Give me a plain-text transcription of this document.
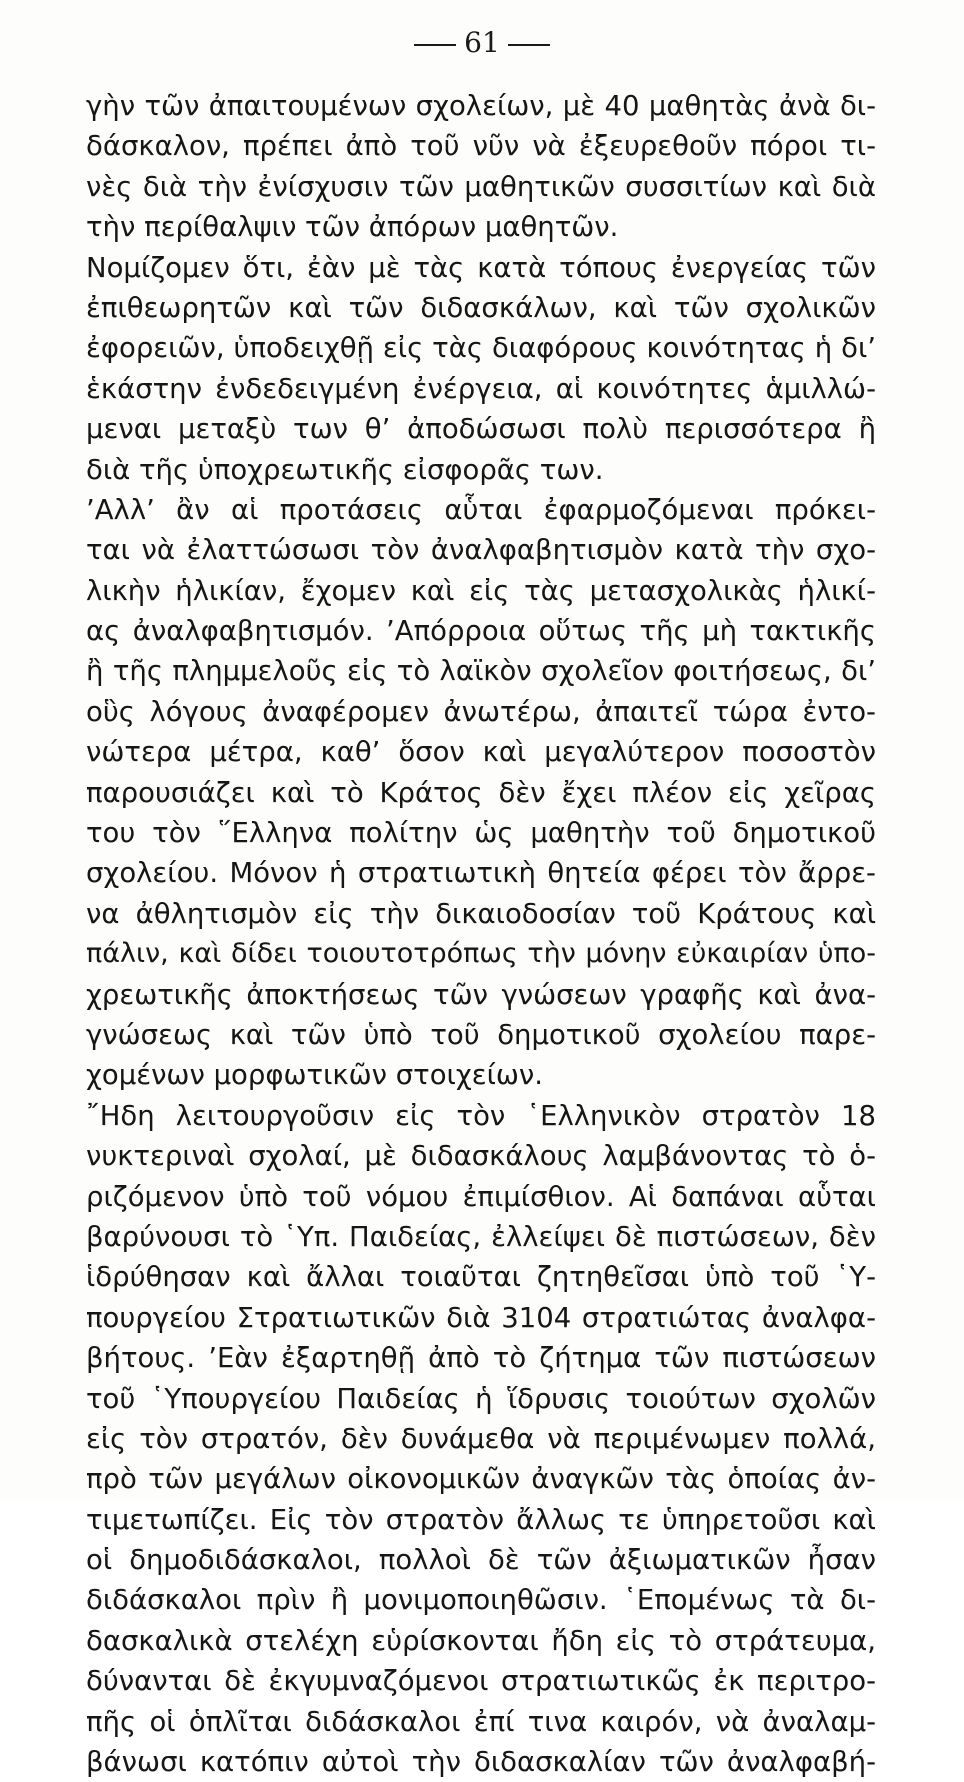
61
γὴν τῶν ἀπαιτουμένων σχολείων, μὲ 40 μαθητὰς ἀνὰ δι-
δάσκαλον, πρέπει ἀπὸ τοῦ νῦν νὰ ἐξευρεθοῦν πόροι τι-
νὲς διὰ τὴν ἐνίσχυσιν τῶν μαθητικῶν συσσιτίων καὶ διὰ
τὴν περίθαλψιν τῶν ἀπόρων μαθητῶν.
Νομίζομεν ὅτι, ἐὰν μὲ τὰς κατὰ τόπους ἐνεργείας τῶν
ἐπιθεωρητῶν καὶ τῶν διδασκάλων, καὶ τῶν σχολικῶν
ἐφορειῶν, ὑποδειχθῇ εἰς τὰς διαφόρους κοινότητας ἡ δι’
ἑκάστην ἐνδεδειγμένη ἐνέργεια, αἱ κοινότητες ἁμιλλώ-
μεναι μεταξὺ των θ’ ἀποδώσωσι πολὺ περισσότερα ἢ
διὰ τῆς ὑποχρεωτικῆς εἰσφορᾶς των.
’Αλλ’ ἂν αἱ προτάσεις αὗται ἐφαρμοζόμεναι πρόκει-
ται νὰ ἐλαττώσωσι τὸν ἀναλφαβητισμὸν κατὰ τὴν σχο-
λικὴν ἡλικίαν, ἔχομεν καὶ εἰς τὰς μετασχολικὰς ἡλικί-
ας ἀναλφαβητισμόν. ’Απόρροια οὕτως τῆς μὴ τακτικῆς
ἢ τῆς πλημμελοῦς εἰς τὸ λαϊκὸν σχολεῖον φοιτήσεως, δι’
οὓς λόγους ἀναφέρομεν ἀνωτέρω, ἀπαιτεῖ τώρα ἐντο-
νώτερα μέτρα, καθ’ ὅσον καὶ μεγαλύτερον ποσοστὸν
παρουσιάζει καὶ τὸ Κράτος δὲν ἔχει πλέον εἰς χεῖρας
του τὸν ῞Ελληνα πολίτην ὡς μαθητὴν τοῦ δημοτικοῦ
σχολείου. Μόνον ἡ στρατιωτικὴ θητεία φέρει τὸν ἄρρε-
να ἀθλητισμὸν εἰς τὴν δικαιοδοσίαν τοῦ Κράτους καὶ
πάλιν, καὶ δίδει τοιουτοτρόπως τὴν μόνην εὐκαιρίαν ὑπο-
χρεωτικῆς ἀποκτήσεως τῶν γνώσεων γραφῆς καὶ ἀνα-
γνώσεως καὶ τῶν ὑπὸ τοῦ δημοτικοῦ σχολείου παρε-
χομένων μορφωτικῶν στοιχείων.
῎Ηδη λειτουργοῦσιν εἰς τὸν ῾Ελληνικὸν στρατὸν 18
νυκτεριναὶ σχολαί, μὲ διδασκάλους λαμβάνοντας τὸ ὁ-
ριζόμενον ὑπὸ τοῦ νόμου ἐπιμίσθιον. Αἱ δαπάναι αὗται
βαρύνουσι τὸ ῾Υπ. Παιδείας, ἐλλείψει δὲ πιστώσεων, δὲν
ἱδρύθησαν καὶ ἄλλαι τοιαῦται ζητηθεῖσαι ὑπὸ τοῦ ῾Υ-
πουργείου Στρατιωτικῶν διὰ 3104 στρατιώτας ἀναλφα-
βήτους. ’Εὰν ἐξαρτηθῇ ἀπὸ τὸ ζήτημα τῶν πιστώσεων
τοῦ ῾Υπουργείου Παιδείας ἡ ἵδρυσις τοιούτων σχολῶν
εἰς τὸν στρατόν, δὲν δυνάμεθα νὰ περιμένωμεν πολλά,
πρὸ τῶν μεγάλων οἰκονομικῶν ἀναγκῶν τὰς ὁποίας ἀν-
τιμετωπίζει. Εἰς τὸν στρατὸν ἄλλως τε ὑπηρετοῦσι καὶ
οἱ δημοδιδάσκαλοι, πολλοὶ δὲ τῶν ἀξιωματικῶν ἦσαν
διδάσκαλοι πρὶν ἢ μονιμοποιηθῶσιν. ῾Επομένως τὰ δι-
δασκαλικὰ στελέχη εὑρίσκονται ἤδη εἰς τὸ στράτευμα,
δύνανται δὲ ἐκγυμναζόμενοι στρατιωτικῶς ἐκ περιτρο-
πῆς οἱ ὁπλῖται διδάσκαλοι ἐπί τινα καιρόν, νὰ ἀναλαμ-
βάνωσι κατόπιν αὐτοὶ τὴν διδασκαλίαν τῶν ἀναλφαβή-
